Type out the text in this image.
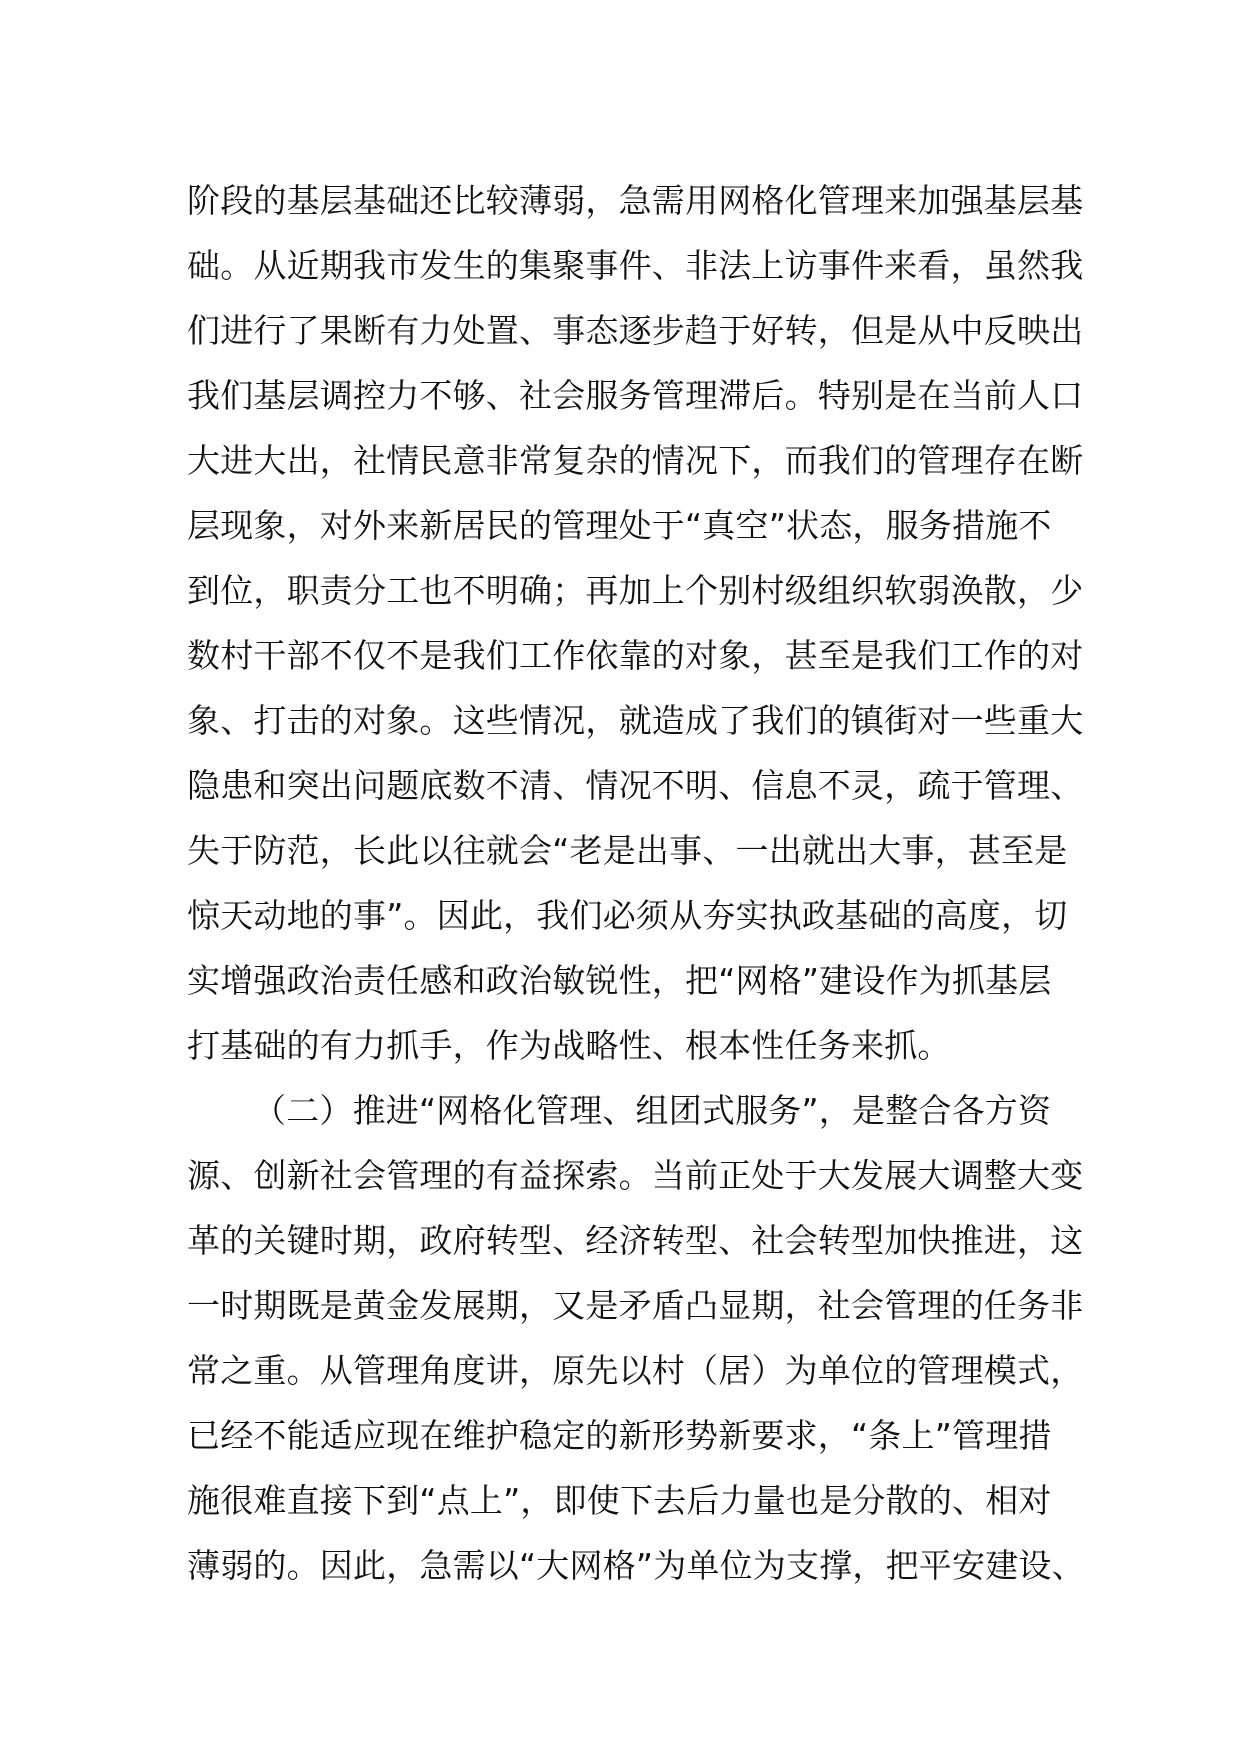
阶段的基层基础还比较薄弱，急需用网格化管理来加强基层基
础。从近期我市发生的集聚事件、非法上访事件来看，虽然我
们进行了果断有力处置、事态逐步趋于好转，但是从中反映出
我们基层调控力不够、社会服务管理滞后。特别是在当前人口
大进大出，社情民意非常复杂的情况下，而我们的管理存在断
层现象，对外来新居民的管理处于“真空”状态，服务措施不
到位，职责分工也不明确；再加上个别村级组织软弱涣散，少
数村干部不仅不是我们工作依靠的对象，甚至是我们工作的对
象、打击的对象。这些情况，就造成了我们的镇街对一些重大
隐患和突出问题底数不清、情况不明、信息不灵，疏于管理、
失于防范，长此以往就会“老是出事、一出就出大事，甚至是
惊天动地的事”。因此，我们必须从夯实执政基础的高度，切
实增强政治责任感和政治敏锐性，把“网格”建设作为抓基层
打基础的有力抓手，作为战略性、根本性任务来抓。
（二）推进“网格化管理、组团式服务”，是整合各方资
源、创新社会管理的有益探索。当前正处于大发展大调整大变
革的关键时期，政府转型、经济转型、社会转型加快推进，这
一时期既是黄金发展期，又是矛盾凸显期，社会管理的任务非
常之重。从管理角度讲，原先以村（居）为单位的管理模式，
已经不能适应现在维护稳定的新形势新要求，“条上”管理措
施很难直接下到“点上”，即使下去后力量也是分散的、相对
薄弱的。因此，急需以“大网格”为单位为支撑，把平安建设、
